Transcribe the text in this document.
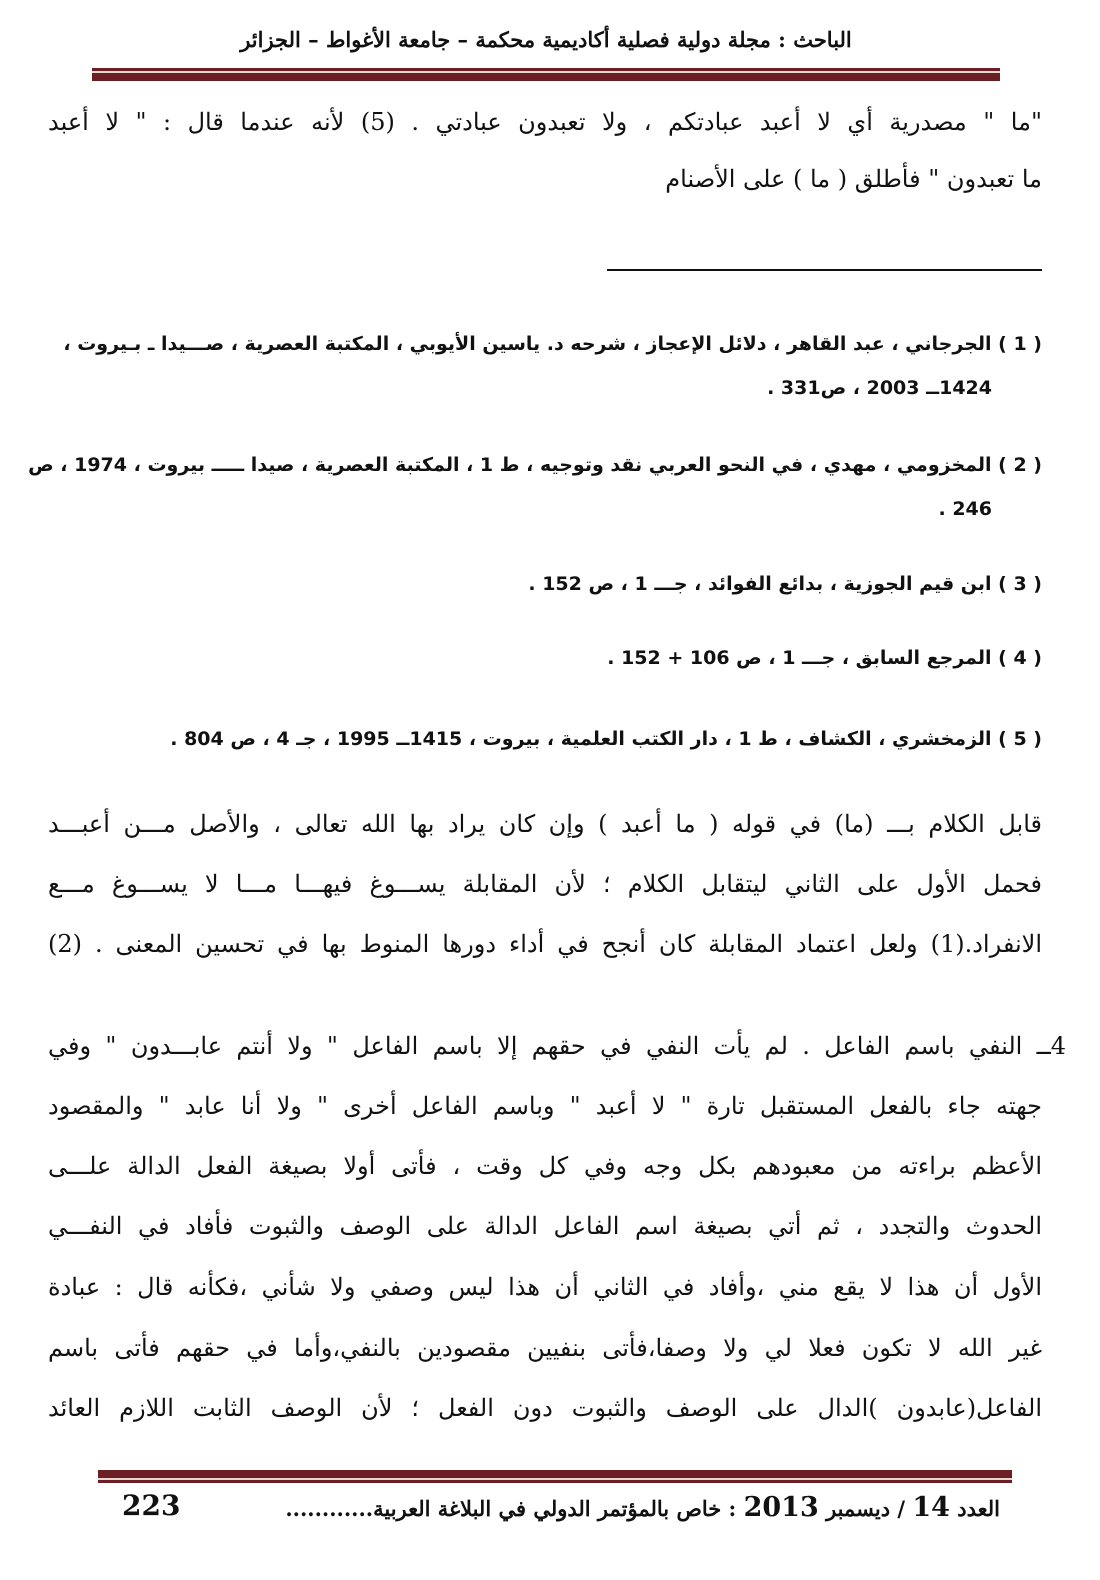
الباحث : مجلة دولية فصلية أكاديمية محكمة – جامعة الأغواط – الجزائر
"ما " مصدرية أي لا أعبد عبادتكم ، ولا تعبدون عبادتي . (5) لأنه عندما قال : " لا أعبد
ما تعبدون " فأطلق ( ما ) على الأصنام
( 1 ) الجرجاني ، عبد القاهر ، دلائل الإعجاز ، شرحه د. ياسين الأيوبي ، المكتبة العصرية ، صـــيدا ـ بـيروت ،
1424ــ 2003 ، ص331 .
( 2 ) المخزومي ، مهدي ، في النحو العربي نقد وتوجيه ، ط 1 ، المكتبة العصرية ، صيدا ـــــ بيروت ، 1974 ، ص
246 .
( 3 ) ابن قيم الجوزية ، بدائع الفوائد ، جـــ 1 ، ص 152 .
( 4 ) المرجع السابق ، جـــ 1 ، ص 106 + 152 .
( 5 ) الزمخشري ، الكشاف ، ط 1 ، دار الكتب العلمية ، بيروت ، 1415ــ 1995 ، جـ 4 ، ص 804 .
قابل الكلام بـــ (ما) في قوله ( ما أعبد ) وإن كان يراد بها الله تعالى ، والأصل مـــن أعبـــد
فحمل الأول على الثاني ليتقابل الكلام ؛ لأن المقابلة يســـوغ فيهـــا مـــا لا يســـوغ مـــع
الانفراد.(1) ولعل اعتماد المقابلة كان أنجح في أداء دورها المنوط بها في تحسين المعنى . (2)
4ــ النفي باسم الفاعل . لم يأت النفي في حقهم إلا باسم الفاعل " ولا أنتم عابـــدون " وفي
جهته جاء بالفعل المستقبل تارة " لا أعبد " وباسم الفاعل أخرى " ولا أنا عابد " والمقصود
الأعظم براءته من معبودهم بكل وجه وفي كل وقت ، فأتى أولا بصيغة الفعل الدالة علـــى
الحدوث والتجدد ، ثم أتي بصيغة اسم الفاعل الدالة على الوصف والثبوت فأفاد في النفـــي
الأول أن هذا لا يقع مني ،وأفاد في الثاني أن هذا ليس وصفي ولا شأني ،فكأنه قال : عبادة
غير الله لا تكون فعلا لي ولا وصفا،فأتى بنفيين مقصودين بالنفي،وأما في حقهم فأتى باسم
الفاعل(عابدون )الدال على الوصف والثبوت دون الفعل ؛ لأن الوصف الثابت اللازم العائد
العدد 14 / ديسمبر 2013 : خاص بالمؤتمر الدولي في البلاغة العربية............
223
